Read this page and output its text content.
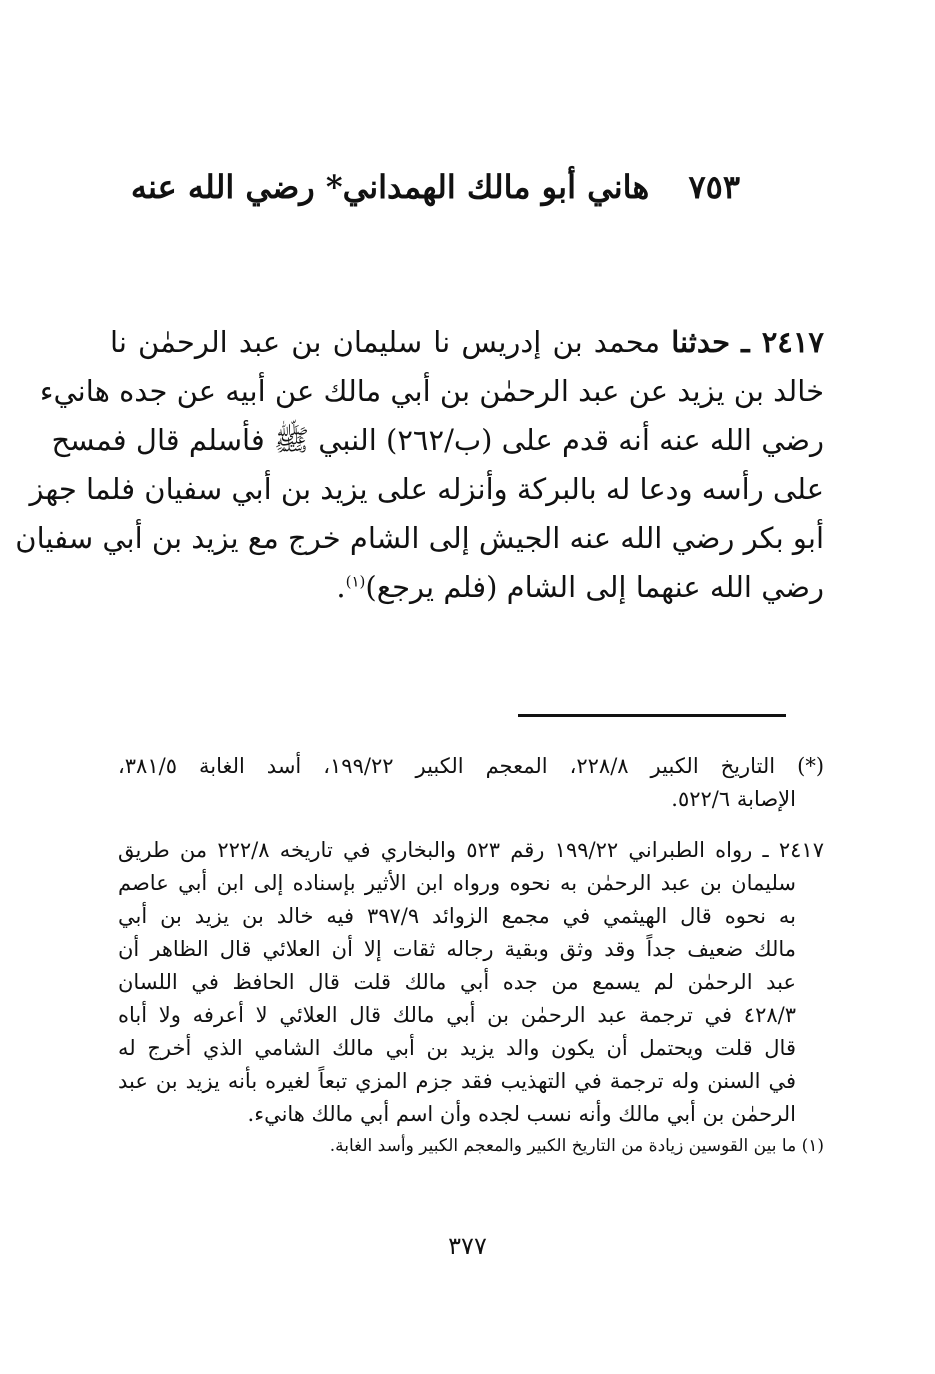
٧٥٣ هاني أبو مالك الهمداني* رضي الله عنه
٢٤١٧ ـ حدثنا محمد بن إدريس نا سليمان بن عبد الرحمٰن نا
خالد بن يزيد عن عبد الرحمٰن بن أبي مالك عن أبيه عن جده هانيء
رضي الله عنه أنه قدم على (ب/٢٦٢) النبي ﷺ فأسلم قال فمسح
على رأسه ودعا له بالبركة وأنزله على يزيد بن أبي سفيان فلما جهز
أبو بكر رضي الله عنه الجيش إلى الشام خرج مع يزيد بن أبي سفيان
رضي الله عنهما إلى الشام (فلم يرجع)$^{(١)}$.
(*) التاريخ الكبير ٢٢٨/٨، المعجم الكبير ١٩٩/٢٢، أسد الغابة ٣٨١/٥،
الإصابة ٥٢٢/٦.
٢٤١٧ ـ رواه الطبراني ١٩٩/٢٢ رقم ٥٢٣ والبخاري في تاريخه ٢٢٢/٨ من طريق
سليمان بن عبد الرحمٰن به نحوه ورواه ابن الأثير بإسناده إلى ابن أبي عاصم
به نحوه قال الهيثمي في مجمع الزوائد ٣٩٧/٩ فيه خالد بن يزيد بن أبي
مالك ضعيف جداً وقد وثق وبقية رجاله ثقات إلا أن العلائي قال الظاهر أن
عبد الرحمٰن لم يسمع من جده أبي مالك قلت قال الحافظ في اللسان
٤٢٨/٣ في ترجمة عبد الرحمٰن بن أبي مالك قال العلائي لا أعرفه ولا أباه
قال قلت ويحتمل أن يكون والد يزيد بن أبي مالك الشامي الذي أخرج له
في السنن وله ترجمة في التهذيب فقد جزم المزي تبعاً لغيره بأنه يزيد بن عبد
الرحمٰن بن أبي مالك وأنه نسب لجده وأن اسم أبي مالك هانيء.
(١) ما بين القوسين زيادة من التاريخ الكبير والمعجم الكبير وأسد الغابة.
٣٧٧
